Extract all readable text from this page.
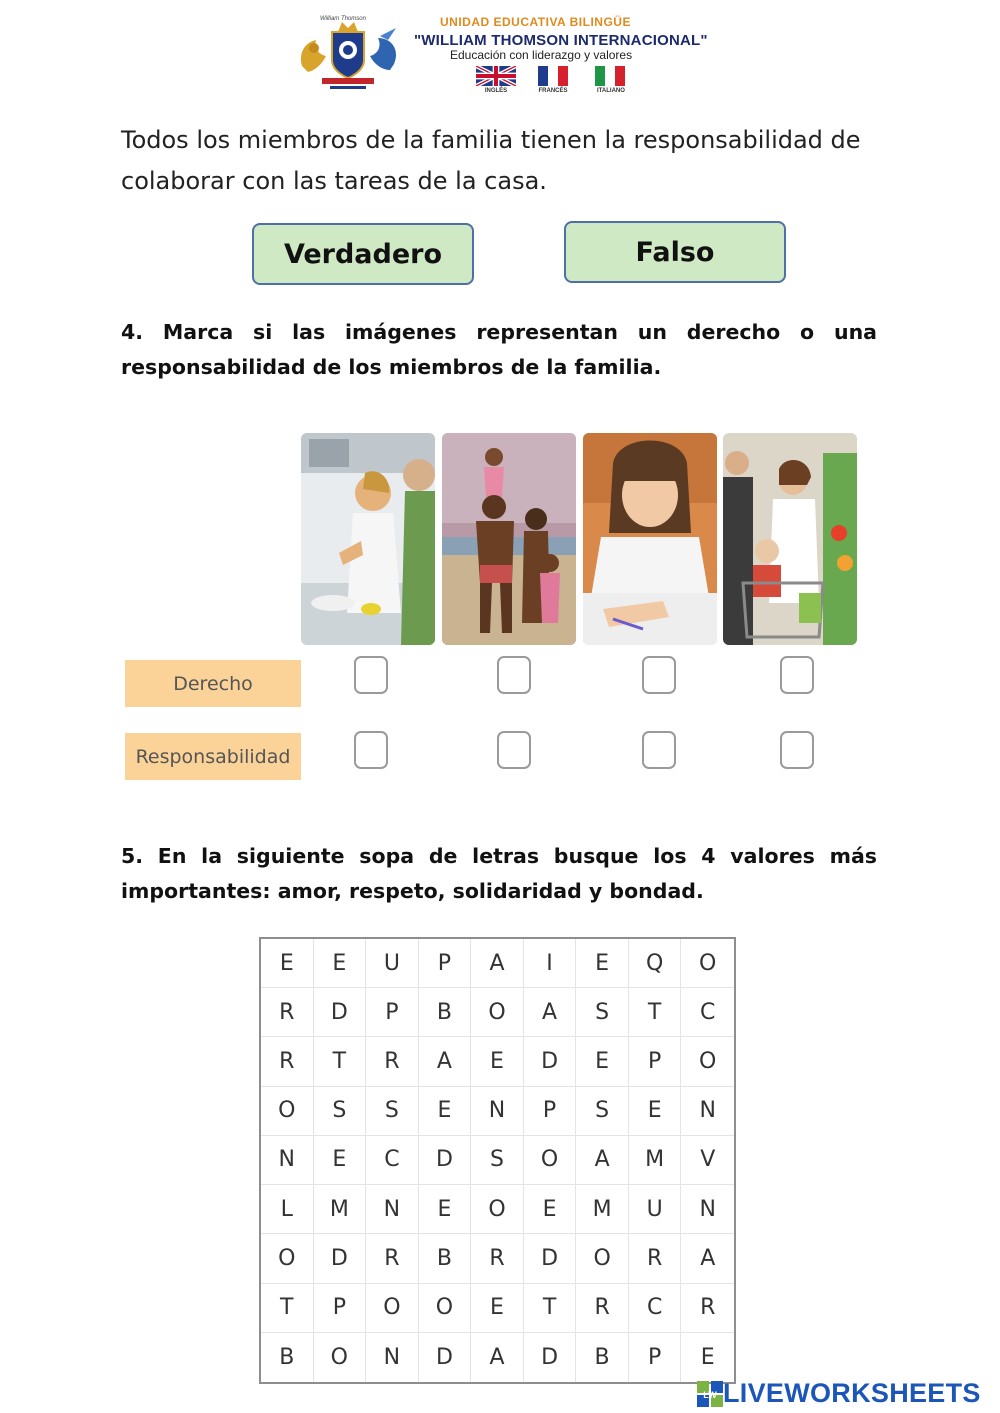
William Thomson	UNIDAD EDUCATIVA BILINGÜE
"WILLIAM THOMSON INTERNACIONAL"
Educación con liderazgo y valores
INGLÉS	FRANCÉS	ITALIANO
Todos los miembros de la familia tienen la responsabilidad de colaborar con las tareas de la casa.
Verdadero	Falso
4. Marca si las imágenes representan un derecho o una responsabilidad de los miembros de la familia.
Derecho
Responsabilidad
5. En la siguiente sopa de letras busque los 4 valores más importantes: amor, respeto, solidaridad y bondad.
E	E	U	P	A	I	E	Q	O
R	D	P	B	O	A	S	T	C
R	T	R	A	E	D	E	P	O
O	S	S	E	N	P	S	E	N
N	E	C	D	S	O	A	M	V
L	M	N	E	O	E	M	U	N
O	D	R	B	R	D	O	R	A
T	P	O	O	E	T	R	C	R
B	O	N	D	A	D	B	P	E
LW LIVEWORKSHEETS
